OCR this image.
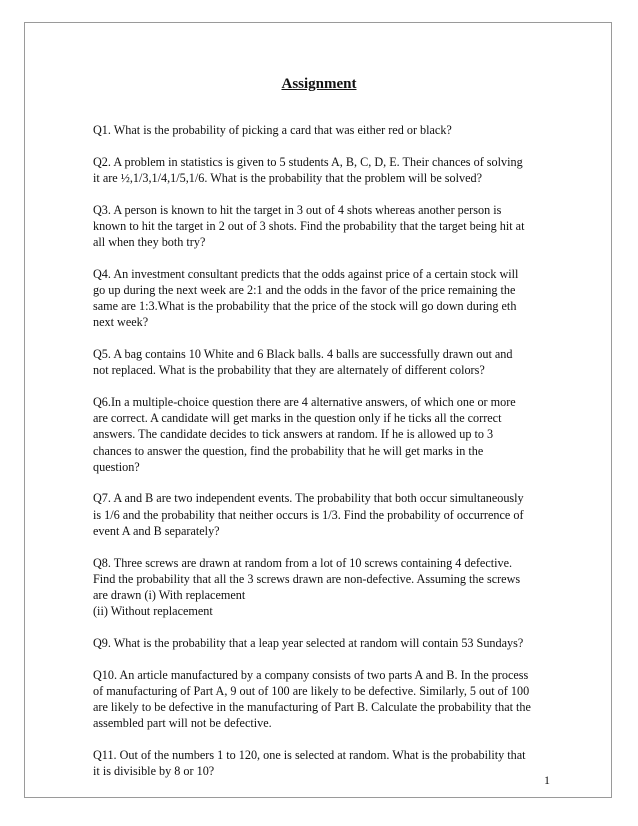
Assignment
Q1. What is the probability of picking a card that was either red or black?
Q2. A problem in statistics is given to 5 students A, B, C, D, E. Their chances of solving
it are ½,1/3,1/4,1/5,1/6. What is the probability that the problem will be solved?
Q3. A person is known to hit the target in 3 out of 4 shots whereas another person is
known to hit the target in 2 out of 3 shots. Find the probability that the target being hit at
all when they both try?
Q4. An investment consultant predicts that the odds against price of a certain stock will
go up during the next week are 2:1 and the odds in the favor of the price remaining the
same are 1:3.What is the probability that the price of the stock will go down during eth
next week?
Q5. A bag contains 10 White and 6 Black balls. 4 balls are successfully drawn out and
not replaced. What is the probability that they are alternately of different colors?
Q6.In a multiple-choice question there are 4 alternative answers, of which one or more
are correct. A candidate will get marks in the question only if he ticks all the correct
answers. The candidate decides to tick answers at random. If he is allowed up to 3
chances to answer the question, find the probability that he will get marks in the
question?
Q7. A and B are two independent events. The probability that both occur simultaneously
is 1/6 and the probability that neither occurs is 1/3. Find the probability of occurrence of
event A and B separately?
Q8. Three screws are drawn at random from a lot of 10 screws containing 4 defective.
Find the probability that all the 3 screws drawn are non-defective. Assuming the screws
are drawn (i) With replacement
(ii) Without replacement
Q9. What is the probability that a leap year selected at random will contain 53 Sundays?
Q10. An article manufactured by a company consists of two parts A and B. In the process
of manufacturing of Part A, 9 out of 100 are likely to be defective. Similarly, 5 out of 100
are likely to be defective in the manufacturing of Part B. Calculate the probability that the
assembled part will not be defective.
Q11. Out of the numbers 1 to 120, one is selected at random. What is the probability that
it is divisible by 8 or 10?
1
